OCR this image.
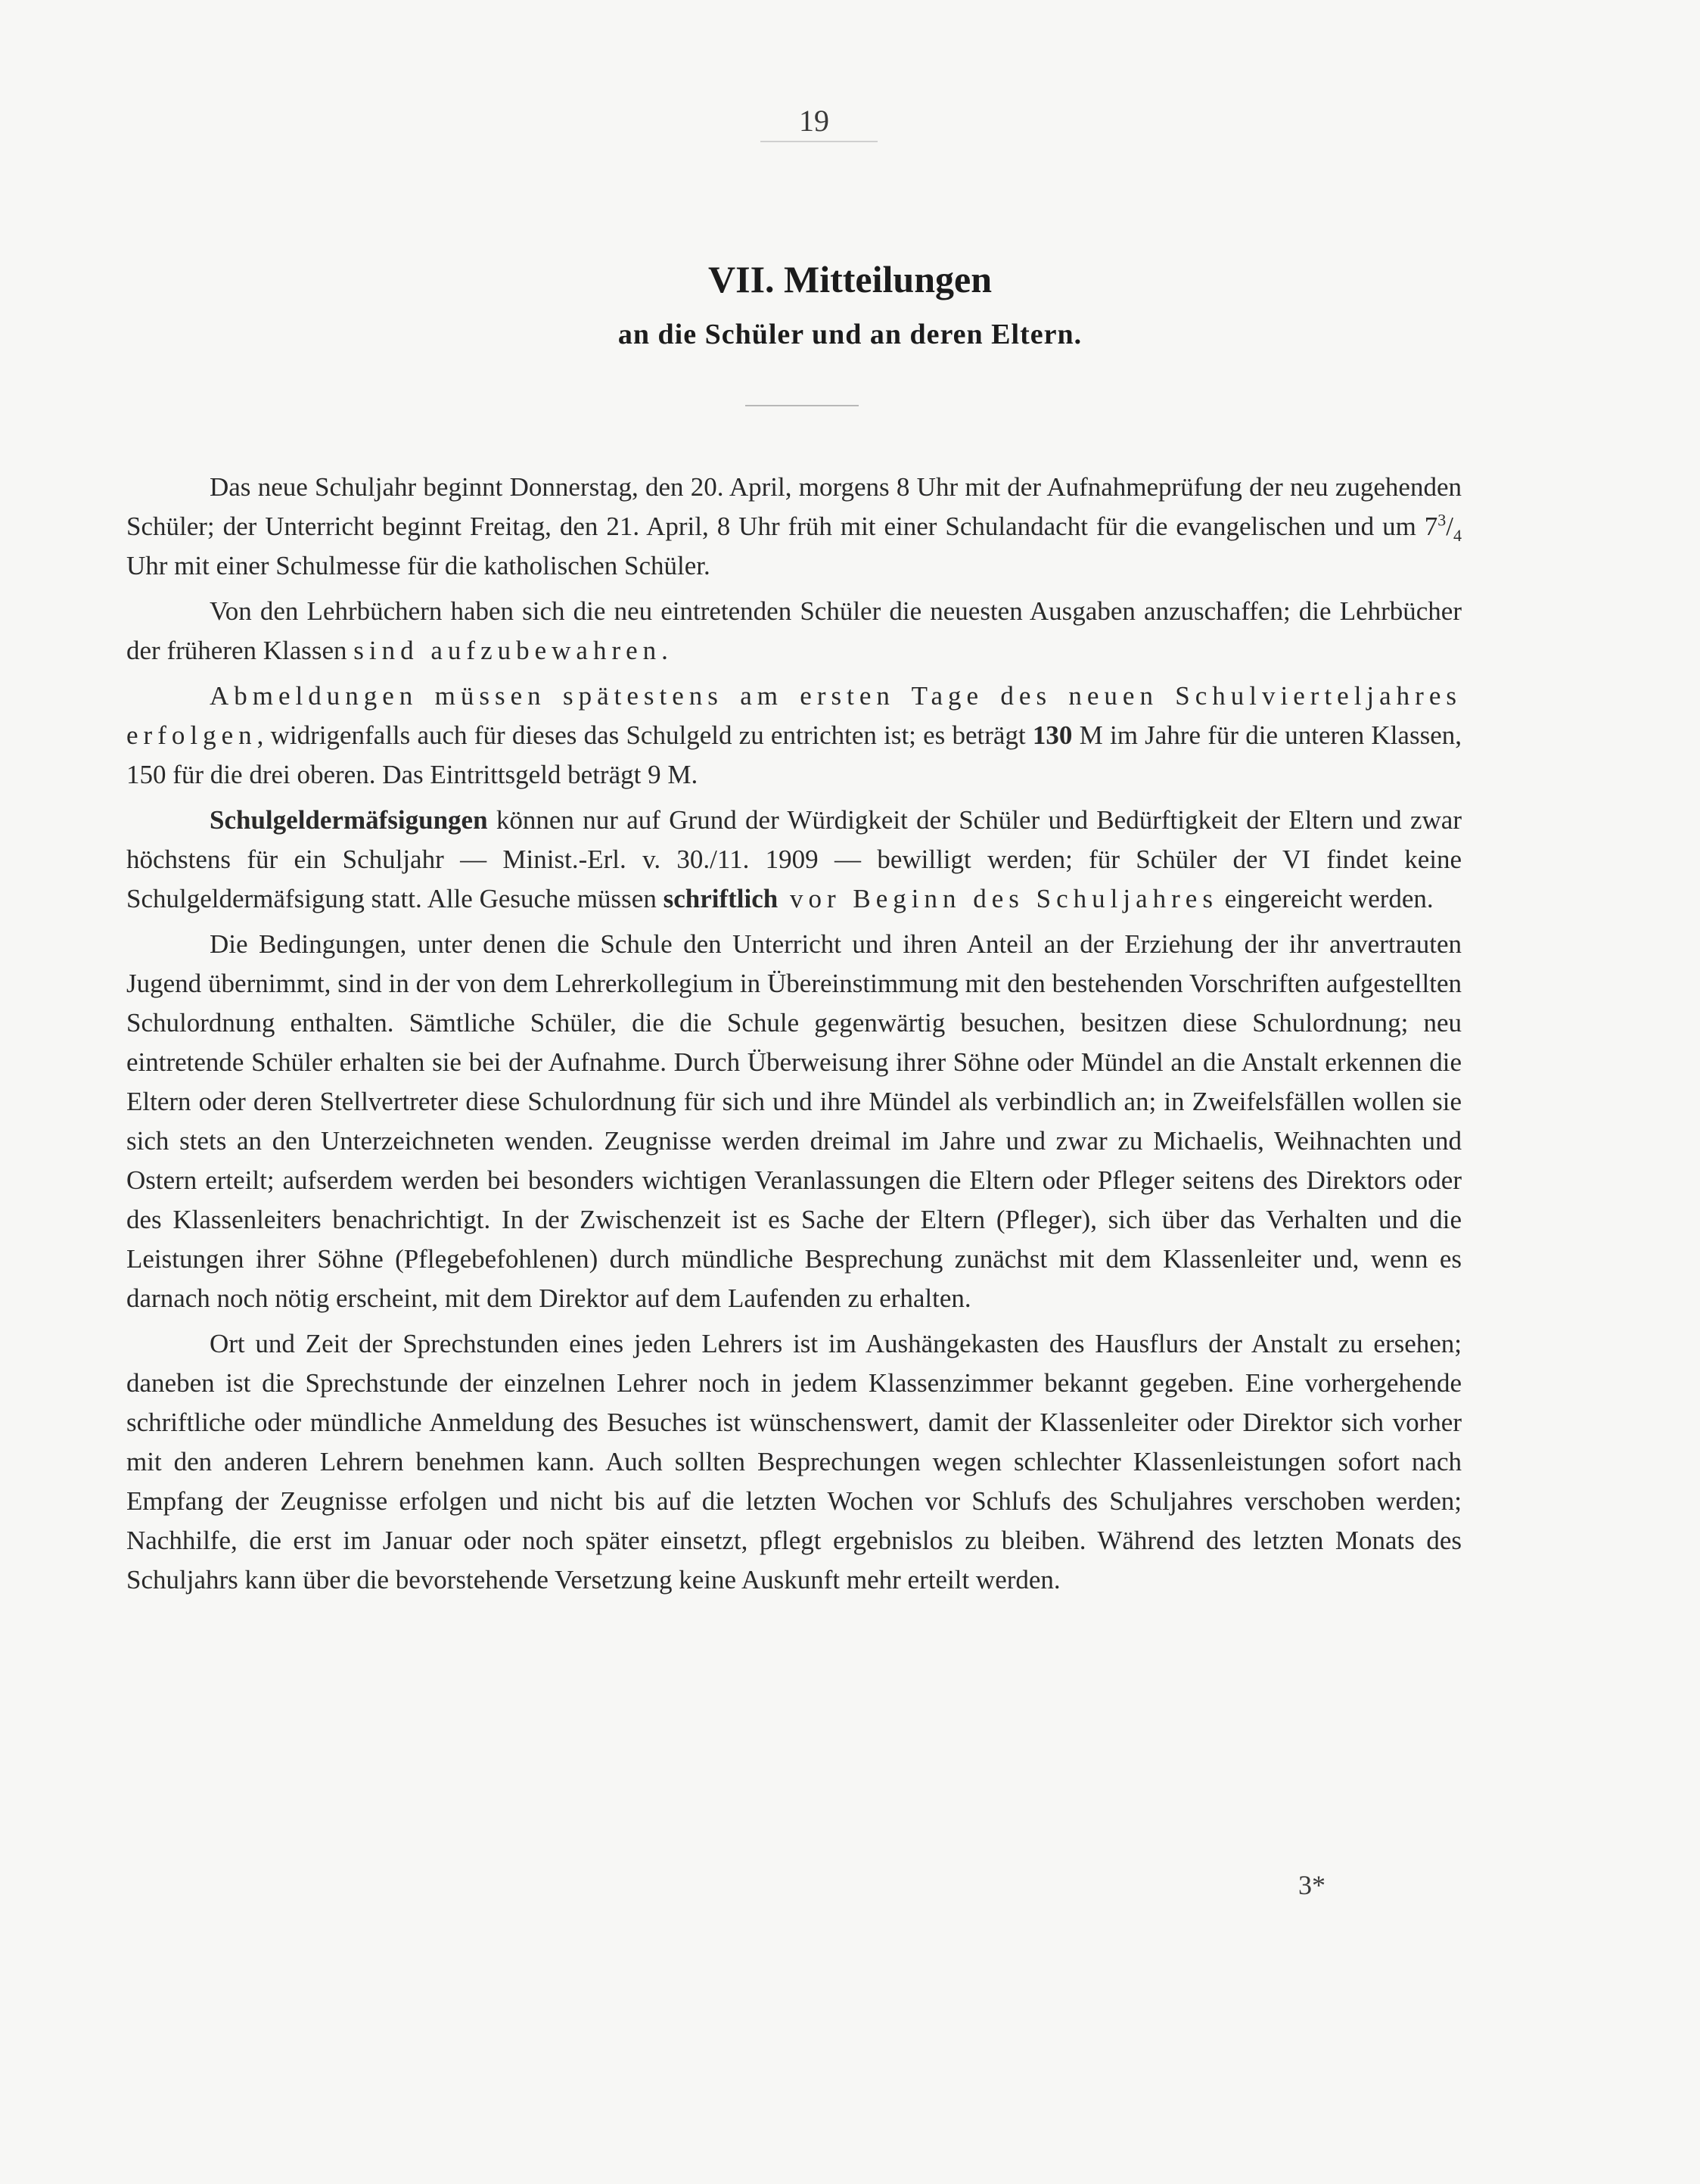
19
VII. Mitteilungen
an die Schüler und an deren Eltern.

Das neue Schuljahr beginnt Donnerstag, den 20. April, morgens 8 Uhr mit der Aufnahmeprüfung der neu zugehenden Schüler; der Unterricht beginnt Freitag, den 21. April, 8 Uhr früh mit einer Schulandacht für die evangelischen und um $7^3/_4$ Uhr mit einer Schulmesse für die katholischen Schüler.

Von den Lehrbüchern haben sich die neu eintretenden Schüler die neuesten Ausgaben anzuschaffen; die Lehrbücher der früheren Klassen sind aufzubewahren.

Abmeldungen müssen spätestens am ersten Tage des neuen Schulvierteljahres erfolgen, widrigenfalls auch für dieses das Schulgeld zu entrichten ist; es beträgt 130 M im Jahre für die unteren Klassen, 150 für die drei oberen. Das Eintrittsgeld beträgt 9 M.

Schulgeldermäfsigungen können nur auf Grund der Würdigkeit der Schüler und Bedürftigkeit der Eltern und zwar höchstens für ein Schuljahr — Minist.-Erl. v. 30./11. 1909 — bewilligt werden; für Schüler der VI findet keine Schulgeldermäfsigung statt. Alle Gesuche müssen schriftlich vor Beginn des Schuljahres eingereicht werden.

Die Bedingungen, unter denen die Schule den Unterricht und ihren Anteil an der Erziehung der ihr anvertrauten Jugend übernimmt, sind in der von dem Lehrerkollegium in Übereinstimmung mit den bestehenden Vorschriften aufgestellten Schulordnung enthalten. Sämtliche Schüler, die die Schule gegenwärtig besuchen, besitzen diese Schulordnung; neu eintretende Schüler erhalten sie bei der Aufnahme. Durch Überweisung ihrer Söhne oder Mündel an die Anstalt erkennen die Eltern oder deren Stellvertreter diese Schulordnung für sich und ihre Mündel als verbindlich an; in Zweifelsfällen wollen sie sich stets an den Unterzeichneten wenden. Zeugnisse werden dreimal im Jahre und zwar zu Michaelis, Weihnachten und Ostern erteilt; aufserdem werden bei besonders wichtigen Veranlassungen die Eltern oder Pfleger seitens des Direktors oder des Klassenleiters benachrichtigt. In der Zwischenzeit ist es Sache der Eltern (Pfleger), sich über das Verhalten und die Leistungen ihrer Söhne (Pflegebefohlenen) durch mündliche Besprechung zunächst mit dem Klassenleiter und, wenn es darnach noch nötig erscheint, mit dem Direktor auf dem Laufenden zu erhalten.

Ort und Zeit der Sprechstunden eines jeden Lehrers ist im Aushängekasten des Hausflurs der Anstalt zu ersehen; daneben ist die Sprechstunde der einzelnen Lehrer noch in jedem Klassenzimmer bekannt gegeben. Eine vorhergehende schriftliche oder mündliche Anmeldung des Besuches ist wünschenswert, damit der Klassenleiter oder Direktor sich vorher mit den anderen Lehrern benehmen kann. Auch sollten Besprechungen wegen schlechter Klassenleistungen sofort nach Empfang der Zeugnisse erfolgen und nicht bis auf die letzten Wochen vor Schlufs des Schuljahres verschoben werden; Nachhilfe, die erst im Januar oder noch später einsetzt, pflegt ergebnislos zu bleiben. Während des letzten Monats des Schuljahrs kann über die bevorstehende Versetzung keine Auskunft mehr erteilt werden.

3*
